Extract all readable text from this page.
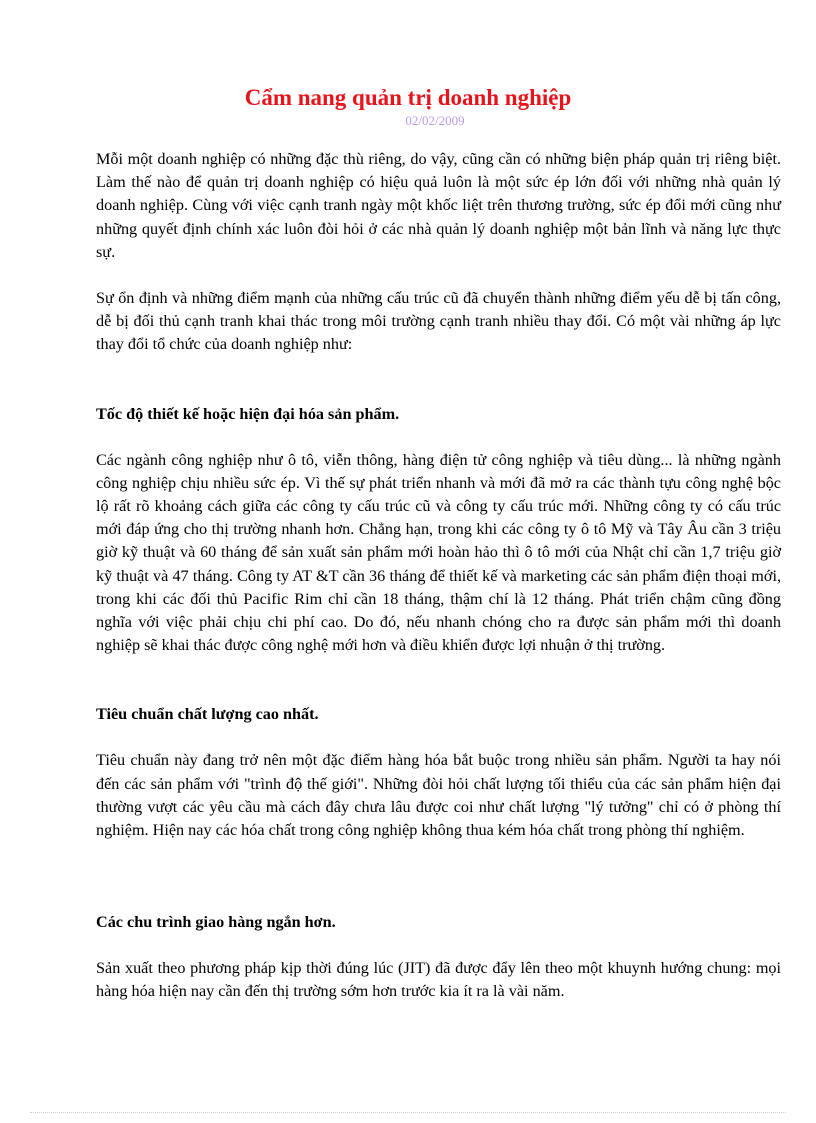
Cẩm nang quản trị doanh nghiệp
02/02/2009

Mỗi một doanh nghiệp có những đặc thù riêng, do vậy, cũng cần có những biện pháp quản trị riêng biệt. Làm thế nào để quản trị doanh nghiệp có hiệu quả luôn là một sức ép lớn đối với những nhà quản lý doanh nghiệp. Cùng với việc cạnh tranh ngày một khốc liệt trên thương trường, sức ép đổi mới cũng như những quyết định chính xác luôn đòi hỏi ở các nhà quản lý doanh nghiệp một bản lĩnh và năng lực thực sự.

Sự ổn định và những điểm mạnh của những cấu trúc cũ đã chuyển thành những điểm yếu dễ bị tấn công, dễ bị đối thủ cạnh tranh khai thác trong môi trường cạnh tranh nhiều thay đổi. Có một vài những áp lực thay đổi tổ chức của doanh nghiệp như:

Tốc độ thiết kế hoặc hiện đại hóa sản phẩm.

Các ngành công nghiệp như ô tô, viễn thông, hàng điện tử công nghiệp và tiêu dùng... là những ngành công nghiệp chịu nhiều sức ép. Vì thế sự phát triển nhanh và mới đã mở ra các thành tựu công nghệ bộc lộ rất rõ khoảng cách giữa các công ty cấu trúc cũ và công ty cấu trúc mới. Những công ty có cấu trúc mới đáp ứng cho thị trường nhanh hơn. Chẳng hạn, trong khi các công ty ô tô Mỹ và Tây Âu cần 3 triệu giờ kỹ thuật và 60 tháng để sản xuất sản phẩm mới hoàn hảo thì ô tô mới của Nhật chỉ cần 1,7 triệu giờ kỹ thuật và 47 tháng. Công ty AT &T cần 36 tháng để thiết kế và marketing các sản phẩm điện thoại mới, trong khi các đối thủ Pacific Rim chỉ cần 18 tháng, thậm chí là 12 tháng. Phát triển chậm cũng đồng nghĩa với việc phải chịu chi phí cao. Do đó, nếu nhanh chóng cho ra được sản phẩm mới thì doanh nghiệp sẽ khai thác được công nghệ mới hơn và điều khiển được lợi nhuận ở thị trường.

Tiêu chuẩn chất lượng cao nhất.

Tiêu chuẩn này đang trở nên một đặc điểm hàng hóa bắt buộc trong nhiều sản phẩm. Người ta hay nói đến các sản phẩm với "trình độ thế giới". Những đòi hỏi chất lượng tối thiểu của các sản phẩm hiện đại thường vượt các yêu cầu mà cách đây chưa lâu được coi như chất lượng "lý tưởng" chỉ có ở phòng thí nghiệm. Hiện nay các hóa chất trong công nghiệp không thua kém hóa chất trong phòng thí nghiệm.

Các chu trình giao hàng ngắn hơn.

Sản xuất theo phương pháp kịp thời đúng lúc (JIT) đã được đẩy lên theo một khuynh hướng chung: mọi hàng hóa hiện nay cần đến thị trường sớm hơn trước kia ít ra là vài năm.
